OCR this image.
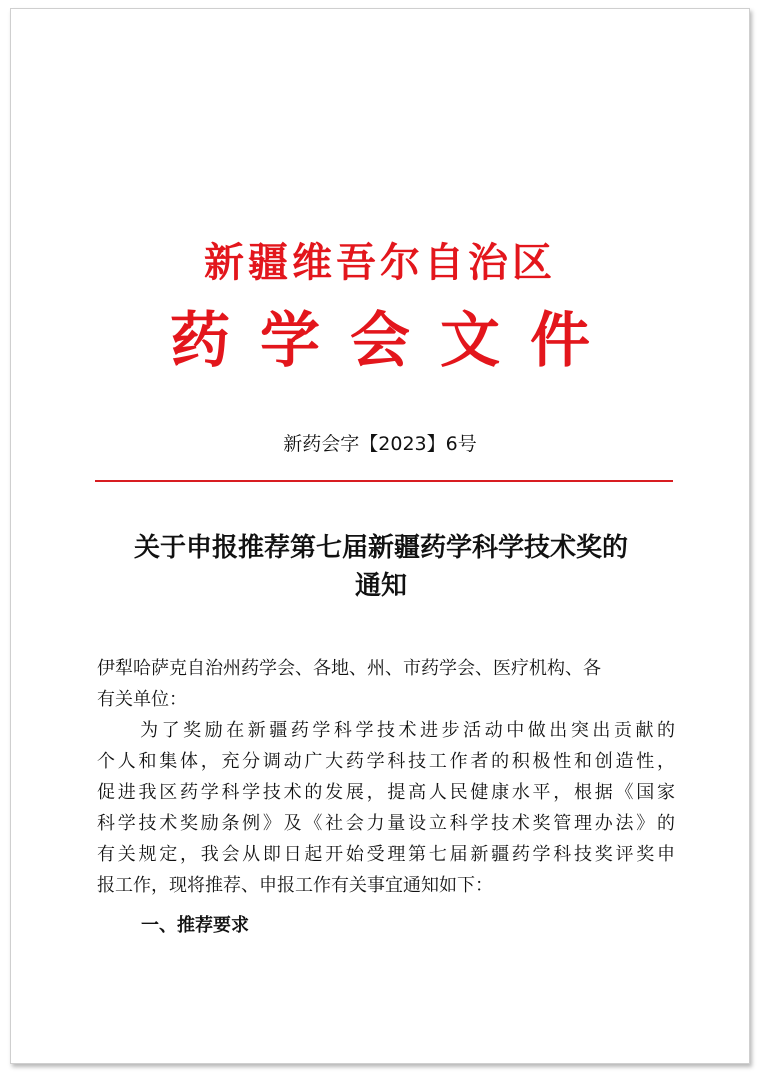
新疆维吾尔自治区
药学会文件
新药会字【2023】6号
关于申报推荐第七届新疆药学科学技术奖的
通知
伊犁哈萨克自治州药学会、各地、州、市药学会、医疗机构、各
有关单位：
　　为了奖励在新疆药学科学技术进步活动中做出突出贡献的
个人和集体，充分调动广大药学科技工作者的积极性和创造性，
促进我区药学科学技术的发展，提高人民健康水平，根据《国家
科学技术奖励条例》及《社会力量设立科学技术奖管理办法》的
有关规定，我会从即日起开始受理第七届新疆药学科技奖评奖申
报工作，现将推荐、申报工作有关事宜通知如下：
一、推荐要求
